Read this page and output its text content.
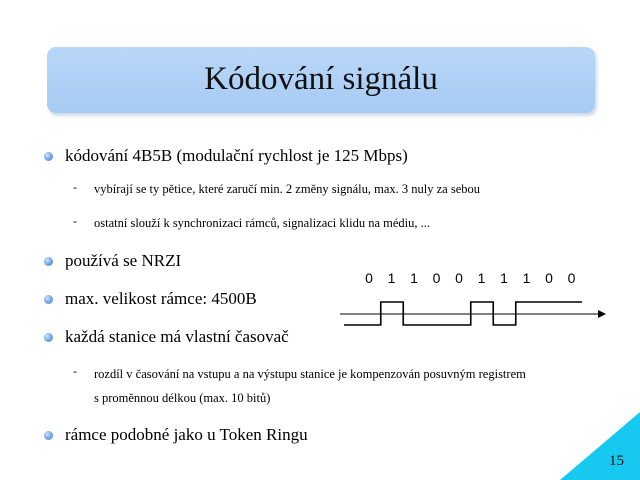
Kódování signálu
kódování 4B5B (modulační rychlost je 125 Mbps)
- vybírají se ty pětice, které zaručí min. 2 změny signálu, max. 3 nuly za sebou
- ostatní slouží k synchronizaci rámců, signalizaci klidu na médiu, ...
používá se NRZI
max. velikost rámce: 4500B
každá stanice má vlastní časovač
- rozdíl v časování na vstupu a na výstupu stanice je kompenzován posuvným registrem
s proměnnou délkou (max. 10 bitů)
rámce podobné jako u Token Ringu
0 1 1 0 0 1 1 1 0 0
15
